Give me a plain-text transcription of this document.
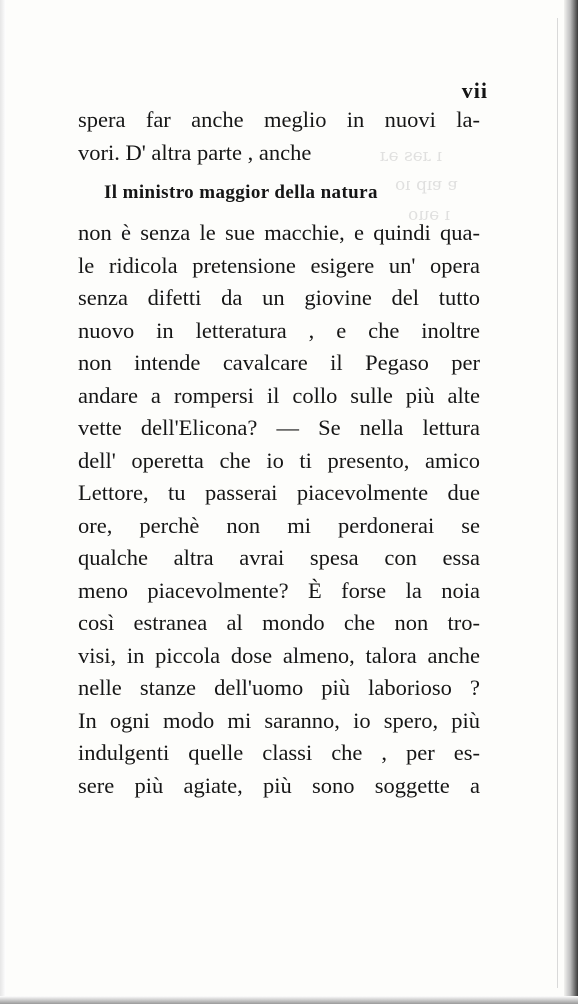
ı ɹǝs ǝɹ
ɐ ɐıp ıo
ı ǝuo
vii
spera far anche meglio in nuovi la-
vori. D' altra parte , anche
Il ministro maggior della natura
non è senza le sue macchie, e quindi qua-
le ridicola pretensione esigere un' opera
senza difetti da un giovine del tutto
nuovo in letteratura , e che inoltre
non intende cavalcare il Pegaso per
andare a rompersi il collo sulle più alte
vette dell'Elicona? — Se nella lettura
dell' operetta che io ti presento, amico
Lettore, tu passerai piacevolmente due
ore, perchè non mi perdonerai se
qualche altra avrai spesa con essa
meno piacevolmente? È forse la noia
così estranea al mondo che non tro-
visi, in piccola dose almeno, talora anche
nelle stanze dell'uomo più laborioso ?
In ogni modo mi saranno, io spero, più
indulgenti quelle classi che , per es-
sere più agiate, più sono soggette a
